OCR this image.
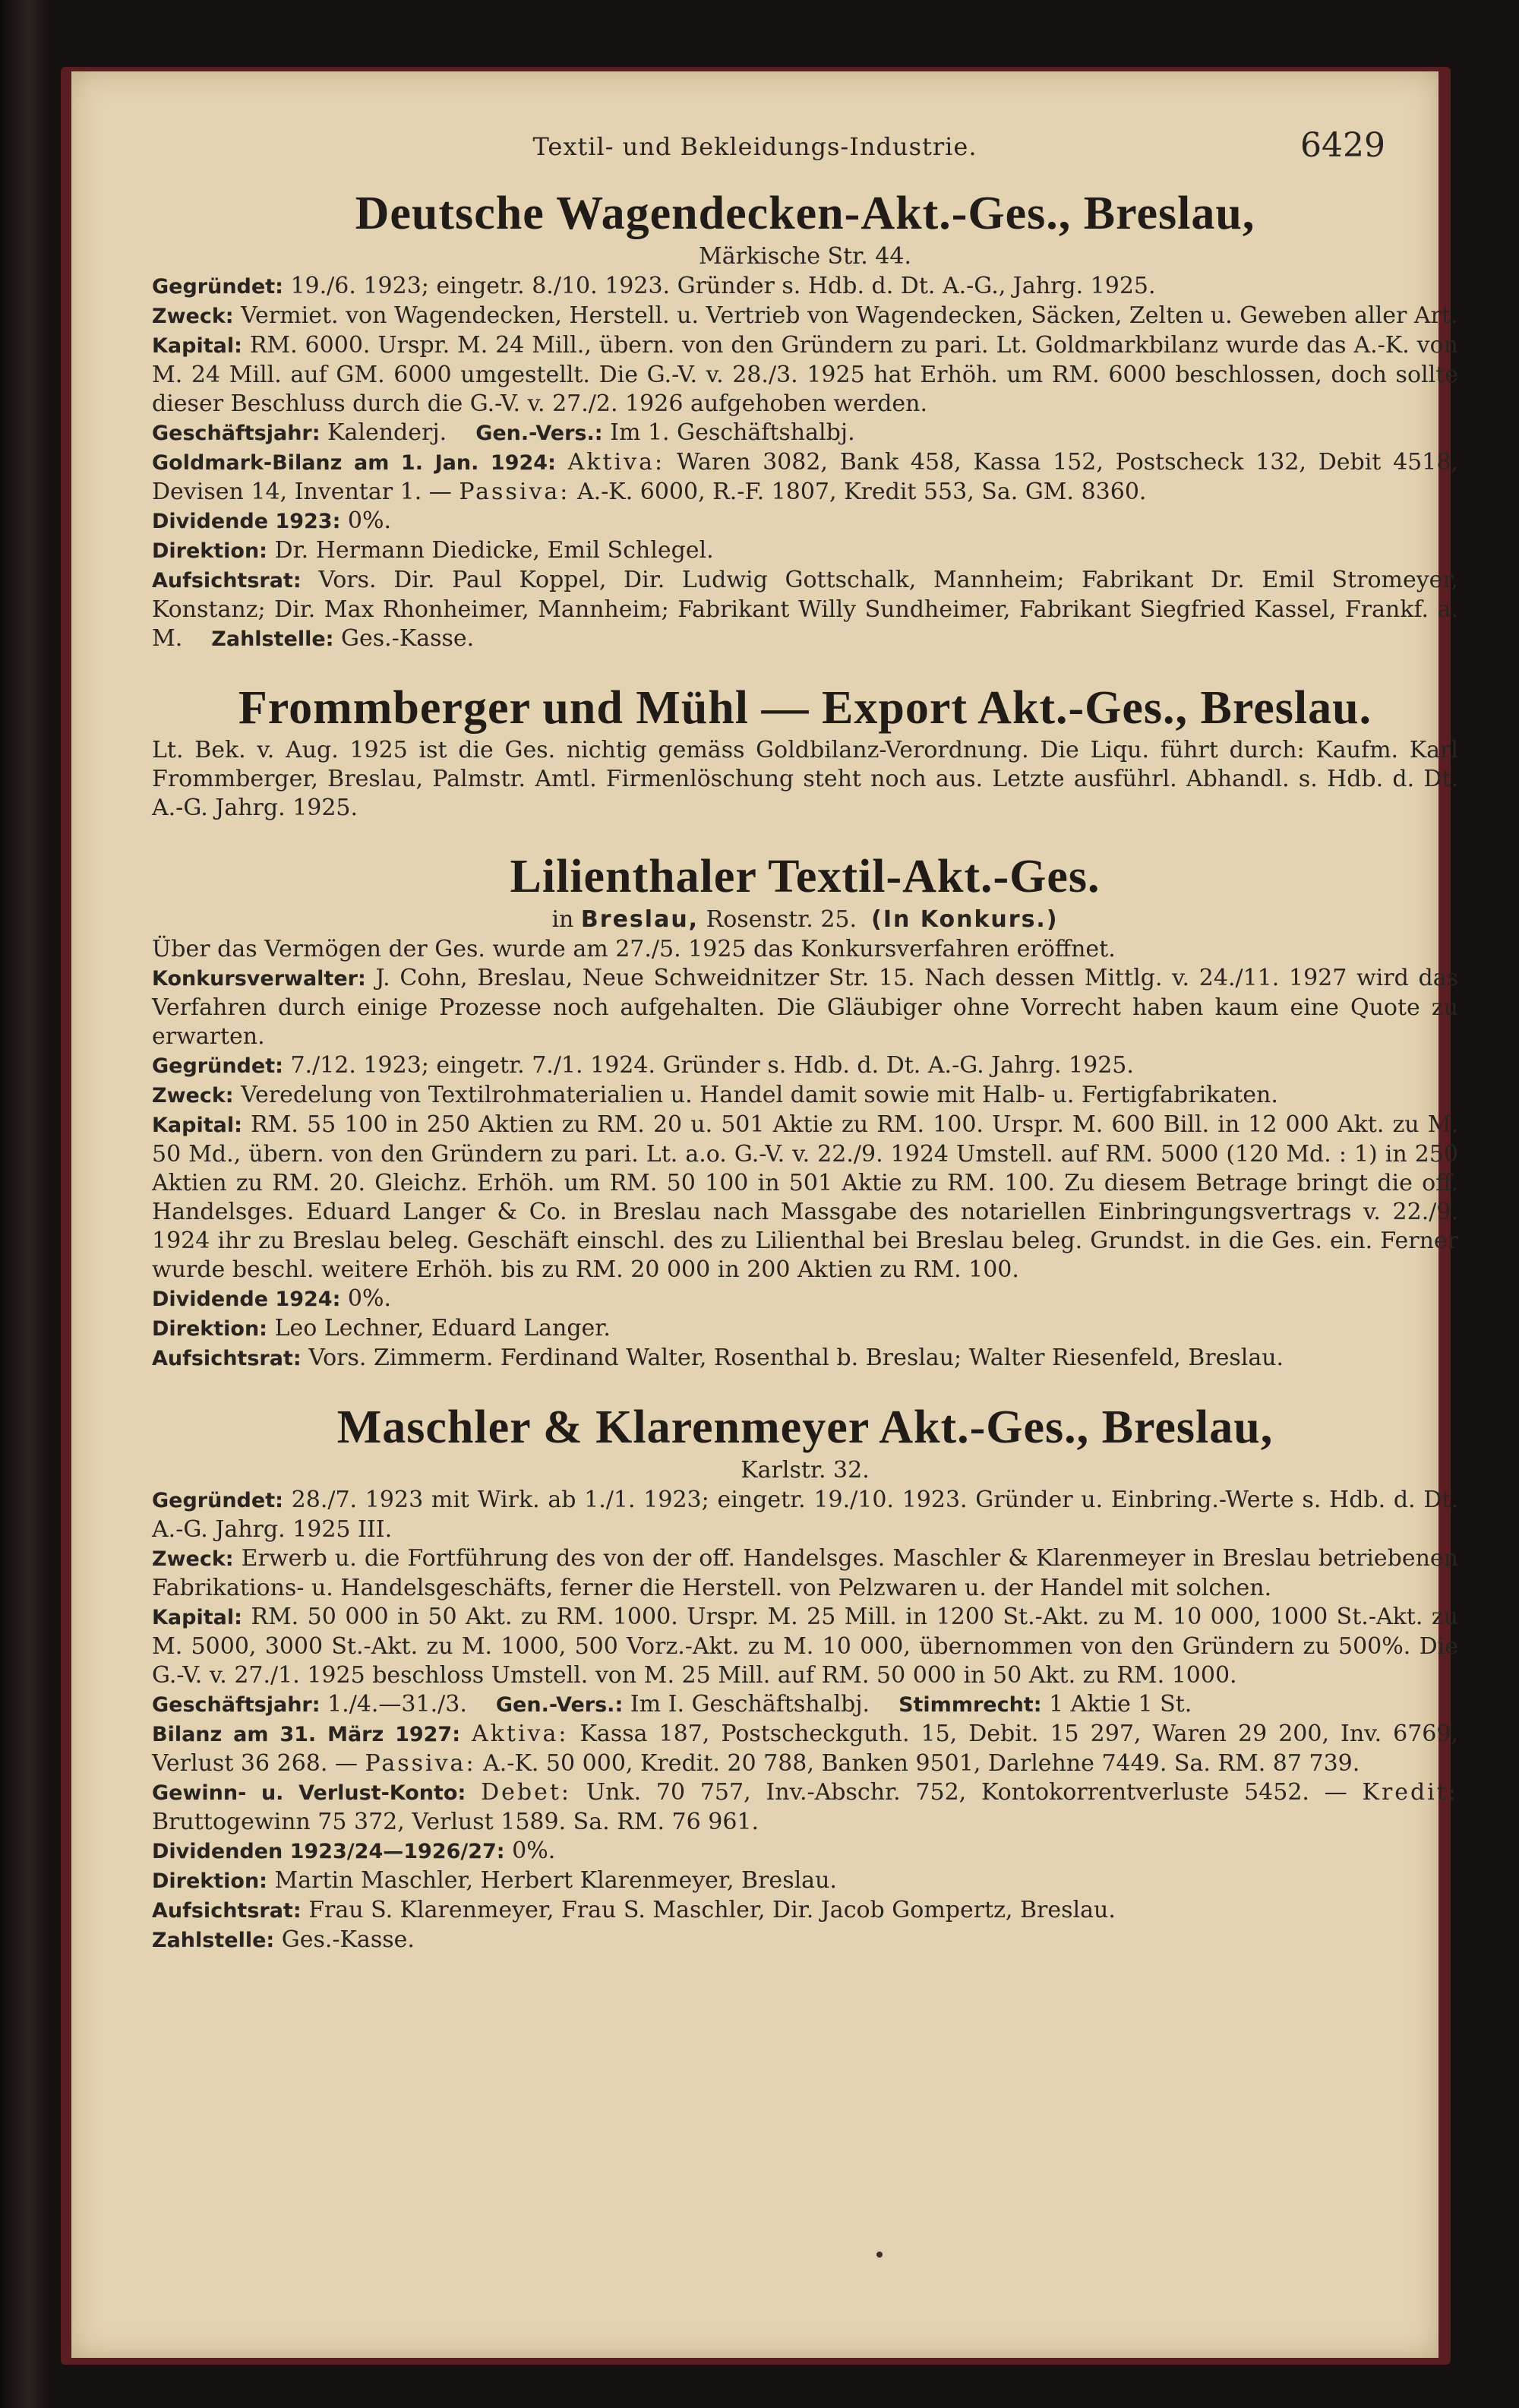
Textil- und Bekleidungs-Industrie.	6429
Deutsche Wagendecken-Akt.-Ges., Breslau,
Märkische Str. 44.

Gegründet: 19./6. 1923; eingetr. 8./10. 1923. Gründer s. Hdb. d. Dt. A.-G., Jahrg. 1925.

Zweck: Vermiet. von Wagendecken, Herstell. u. Vertrieb von Wagendecken, Säcken, Zelten u. Geweben aller Art.

Kapital: RM. 6000. Urspr. M. 24 Mill., übern. von den Gründern zu pari. Lt. Goldmarkbilanz wurde das A.-K. von M. 24 Mill. auf GM. 6000 umgestellt. Die G.-V. v. 28./3. 1925 hat Erhöh. um RM. 6000 beschlossen, doch sollte dieser Beschluss durch die G.-V. v. 27./2. 1926 aufgehoben werden.

Geschäftsjahr: Kalenderj. Gen.-Vers.: Im 1. Geschäftshalbj.

Goldmark-Bilanz am 1. Jan. 1924: Aktiva: Waren 3082, Bank 458, Kassa 152, Postscheck 132, Debit 4518, Devisen 14, Inventar 1. — Passiva: A.-K. 6000, R.-F. 1807, Kredit 553, Sa. GM. 8360.

Dividende 1923: 0%.

Direktion: Dr. Hermann Diedicke, Emil Schlegel.

Aufsichtsrat: Vors. Dir. Paul Koppel, Dir. Ludwig Gottschalk, Mannheim; Fabrikant Dr. Emil Stromeyer, Konstanz; Dir. Max Rhonheimer, Mannheim; Fabrikant Willy Sundheimer, Fabrikant Siegfried Kassel, Frankf. a. M. Zahlstelle: Ges.-Kasse.

Frommberger und Mühl — Export Akt.-Ges., Breslau.

Lt. Bek. v. Aug. 1925 ist die Ges. nichtig gemäss Goldbilanz-Verordnung. Die Liqu. führt durch: Kaufm. Karl Frommberger, Breslau, Palmstr. Amtl. Firmenlöschung steht noch aus. Letzte ausführl. Abhandl. s. Hdb. d. Dt. A.-G. Jahrg. 1925.

Lilienthaler Textil-Akt.-Ges.
in Breslau, Rosenstr. 25. (In Konkurs.)

Über das Vermögen der Ges. wurde am 27./5. 1925 das Konkursverfahren eröffnet.

Konkursverwalter: J. Cohn, Breslau, Neue Schweidnitzer Str. 15. Nach dessen Mittlg. v. 24./11. 1927 wird das Verfahren durch einige Prozesse noch aufgehalten. Die Gläubiger ohne Vorrecht haben kaum eine Quote zu erwarten.

Gegründet: 7./12. 1923; eingetr. 7./1. 1924. Gründer s. Hdb. d. Dt. A.-G. Jahrg. 1925.

Zweck: Veredelung von Textilrohmaterialien u. Handel damit sowie mit Halb- u. Fertigfabrikaten.

Kapital: RM. 55 100 in 250 Aktien zu RM. 20 u. 501 Aktie zu RM. 100. Urspr. M. 600 Bill. in 12 000 Akt. zu M. 50 Md., übern. von den Gründern zu pari. Lt. a.o. G.-V. v. 22./9. 1924 Umstell. auf RM. 5000 (120 Md. : 1) in 250 Aktien zu RM. 20. Gleichz. Erhöh. um RM. 50 100 in 501 Aktie zu RM. 100. Zu diesem Betrage bringt die off. Handelsges. Eduard Langer & Co. in Breslau nach Massgabe des notariellen Einbringungsvertrags v. 22./9. 1924 ihr zu Breslau beleg. Geschäft einschl. des zu Lilienthal bei Breslau beleg. Grundst. in die Ges. ein. Ferner wurde beschl. weitere Erhöh. bis zu RM. 20 000 in 200 Aktien zu RM. 100.

Dividende 1924: 0%.

Direktion: Leo Lechner, Eduard Langer.

Aufsichtsrat: Vors. Zimmerm. Ferdinand Walter, Rosenthal b. Breslau; Walter Riesenfeld, Breslau.

Maschler & Klarenmeyer Akt.-Ges., Breslau,
Karlstr. 32.

Gegründet: 28./7. 1923 mit Wirk. ab 1./1. 1923; eingetr. 19./10. 1923. Gründer u. Einbring.-Werte s. Hdb. d. Dt. A.-G. Jahrg. 1925 III.

Zweck: Erwerb u. die Fortführung des von der off. Handelsges. Maschler & Klarenmeyer in Breslau betriebenen Fabrikations- u. Handelsgeschäfts, ferner die Herstell. von Pelzwaren u. der Handel mit solchen.

Kapital: RM. 50 000 in 50 Akt. zu RM. 1000. Urspr. M. 25 Mill. in 1200 St.-Akt. zu M. 10 000, 1000 St.-Akt. zu M. 5000, 3000 St.-Akt. zu M. 1000, 500 Vorz.-Akt. zu M. 10 000, übernommen von den Gründern zu 500%. Die G.-V. v. 27./1. 1925 beschloss Umstell. von M. 25 Mill. auf RM. 50 000 in 50 Akt. zu RM. 1000.

Geschäftsjahr: 1./4.—31./3. Gen.-Vers.: Im I. Geschäftshalbj. Stimmrecht: 1 Aktie 1 St.

Bilanz am 31. März 1927: Aktiva: Kassa 187, Postscheckguth. 15, Debit. 15 297, Waren 29 200, Inv. 6769, Verlust 36 268. — Passiva: A.-K. 50 000, Kredit. 20 788, Banken 9501, Darlehne 7449. Sa. RM. 87 739.

Gewinn- u. Verlust-Konto: Debet: Unk. 70 757, Inv.-Abschr. 752, Kontokorrentverluste 5452. — Kredit: Bruttogewinn 75 372, Verlust 1589. Sa. RM. 76 961.

Dividenden 1923/24—1926/27: 0%.

Direktion: Martin Maschler, Herbert Klarenmeyer, Breslau.

Aufsichtsrat: Frau S. Klarenmeyer, Frau S. Maschler, Dir. Jacob Gompertz, Breslau.

Zahlstelle: Ges.-Kasse.
